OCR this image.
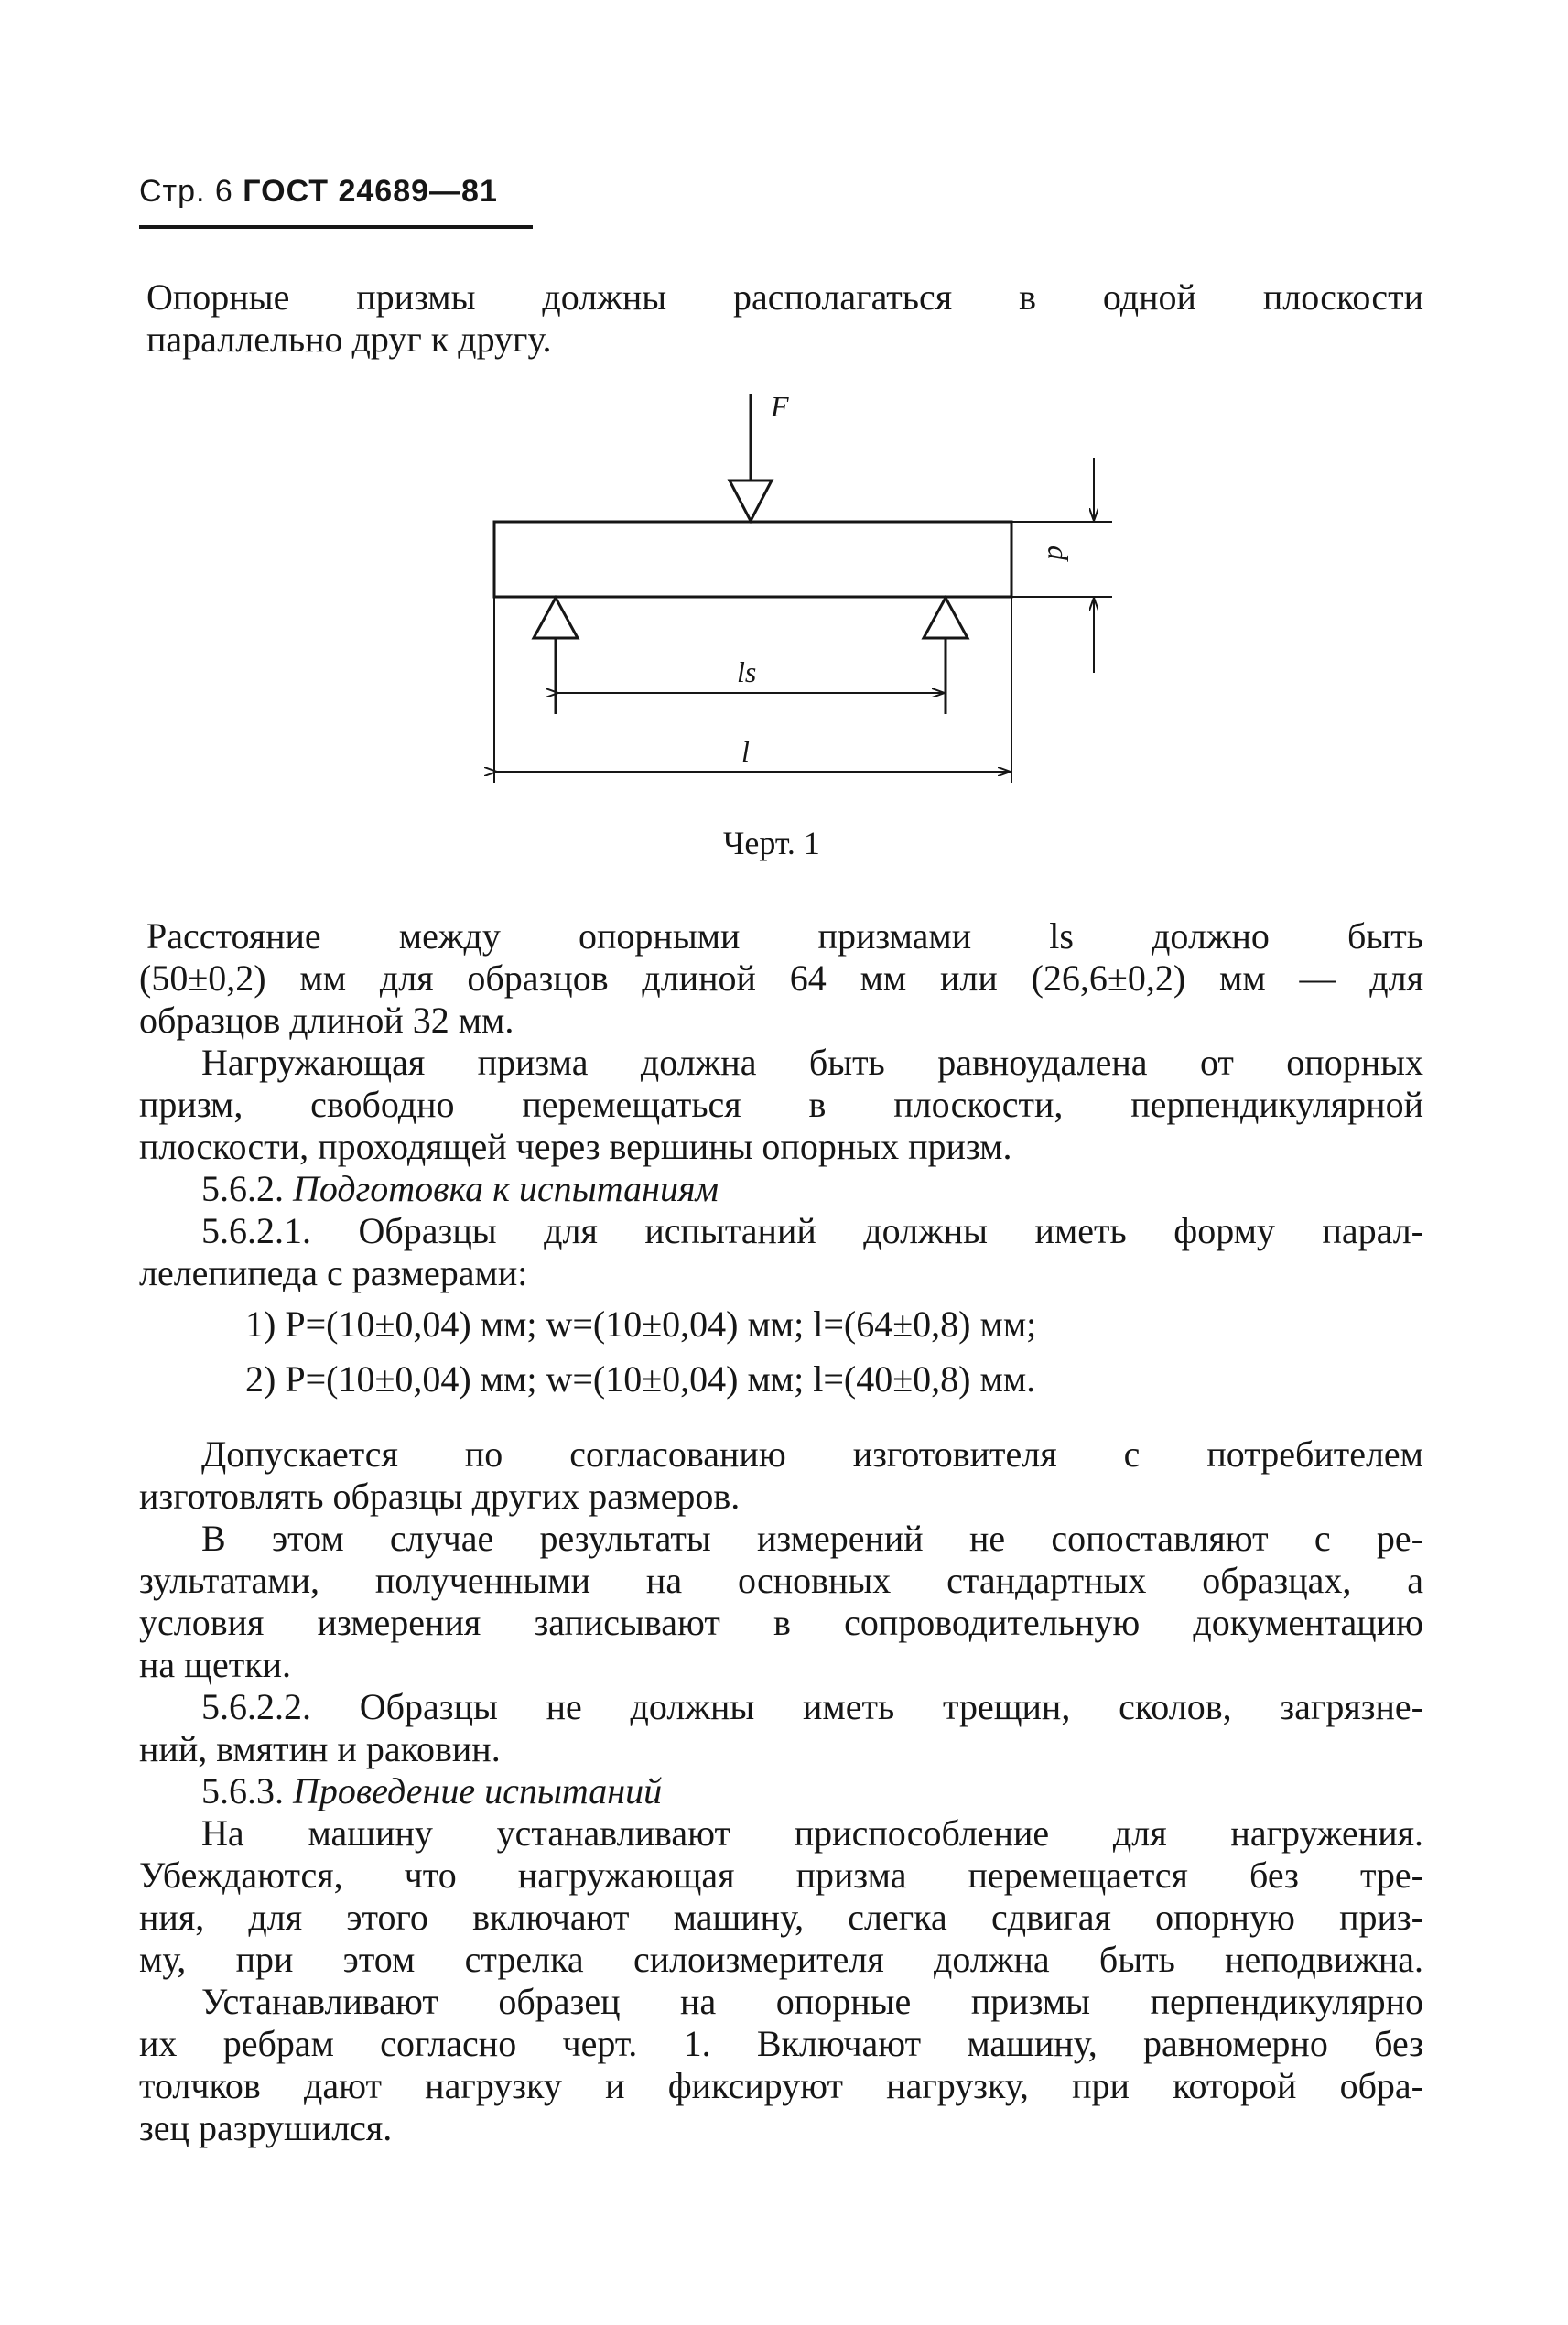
Стр. 6 ГОСТ 24689—81

Опорные призмы должны располагаться в одной плоскости

параллельно друг к другу.

F
p
ls
l
Черт. 1

Расстояние между опорными призмами ls должно быть

(50±0,2) мм для образцов длиной 64 мм или (26,6±0,2) мм — для

образцов длиной 32 мм.

Нагружающая призма должна быть равноудалена от опорных

призм, свободно перемещаться в плоскости, перпендикулярной

плоскости, проходящей через вершины опорных призм.

5.6.2. Подготовка к испытаниям

5.6.2.1. Образцы для испытаний должны иметь форму парал-

лелепипеда с размерами:

1) P=(10±0,04) мм; w=(10±0,04) мм; l=(64±0,8) мм;

2) P=(10±0,04) мм; w=(10±0,04) мм; l=(40±0,8) мм.

Допускается по согласованию изготовителя с потребителем

изготовлять образцы других размеров.

В этом случае результаты измерений не сопоставляют с ре-

зультатами, полученными на основных стандартных образцах, а

условия измерения записывают в сопроводительную документацию

на щетки.

5.6.2.2. Образцы не должны иметь трещин, сколов, загрязне-

ний, вмятин и раковин.

5.6.3. Проведение испытаний

На машину устанавливают приспособление для нагружения.

Убеждаются, что нагружающая призма перемещается без тре-

ния, для этого включают машину, слегка сдвигая опорную приз-

му, при этом стрелка силоизмерителя должна быть неподвижна.

Устанавливают образец на опорные призмы перпендикулярно

их ребрам согласно черт. 1. Включают машину, равномерно без

толчков дают нагрузку и фиксируют нагрузку, при которой обра-

зец разрушился.
